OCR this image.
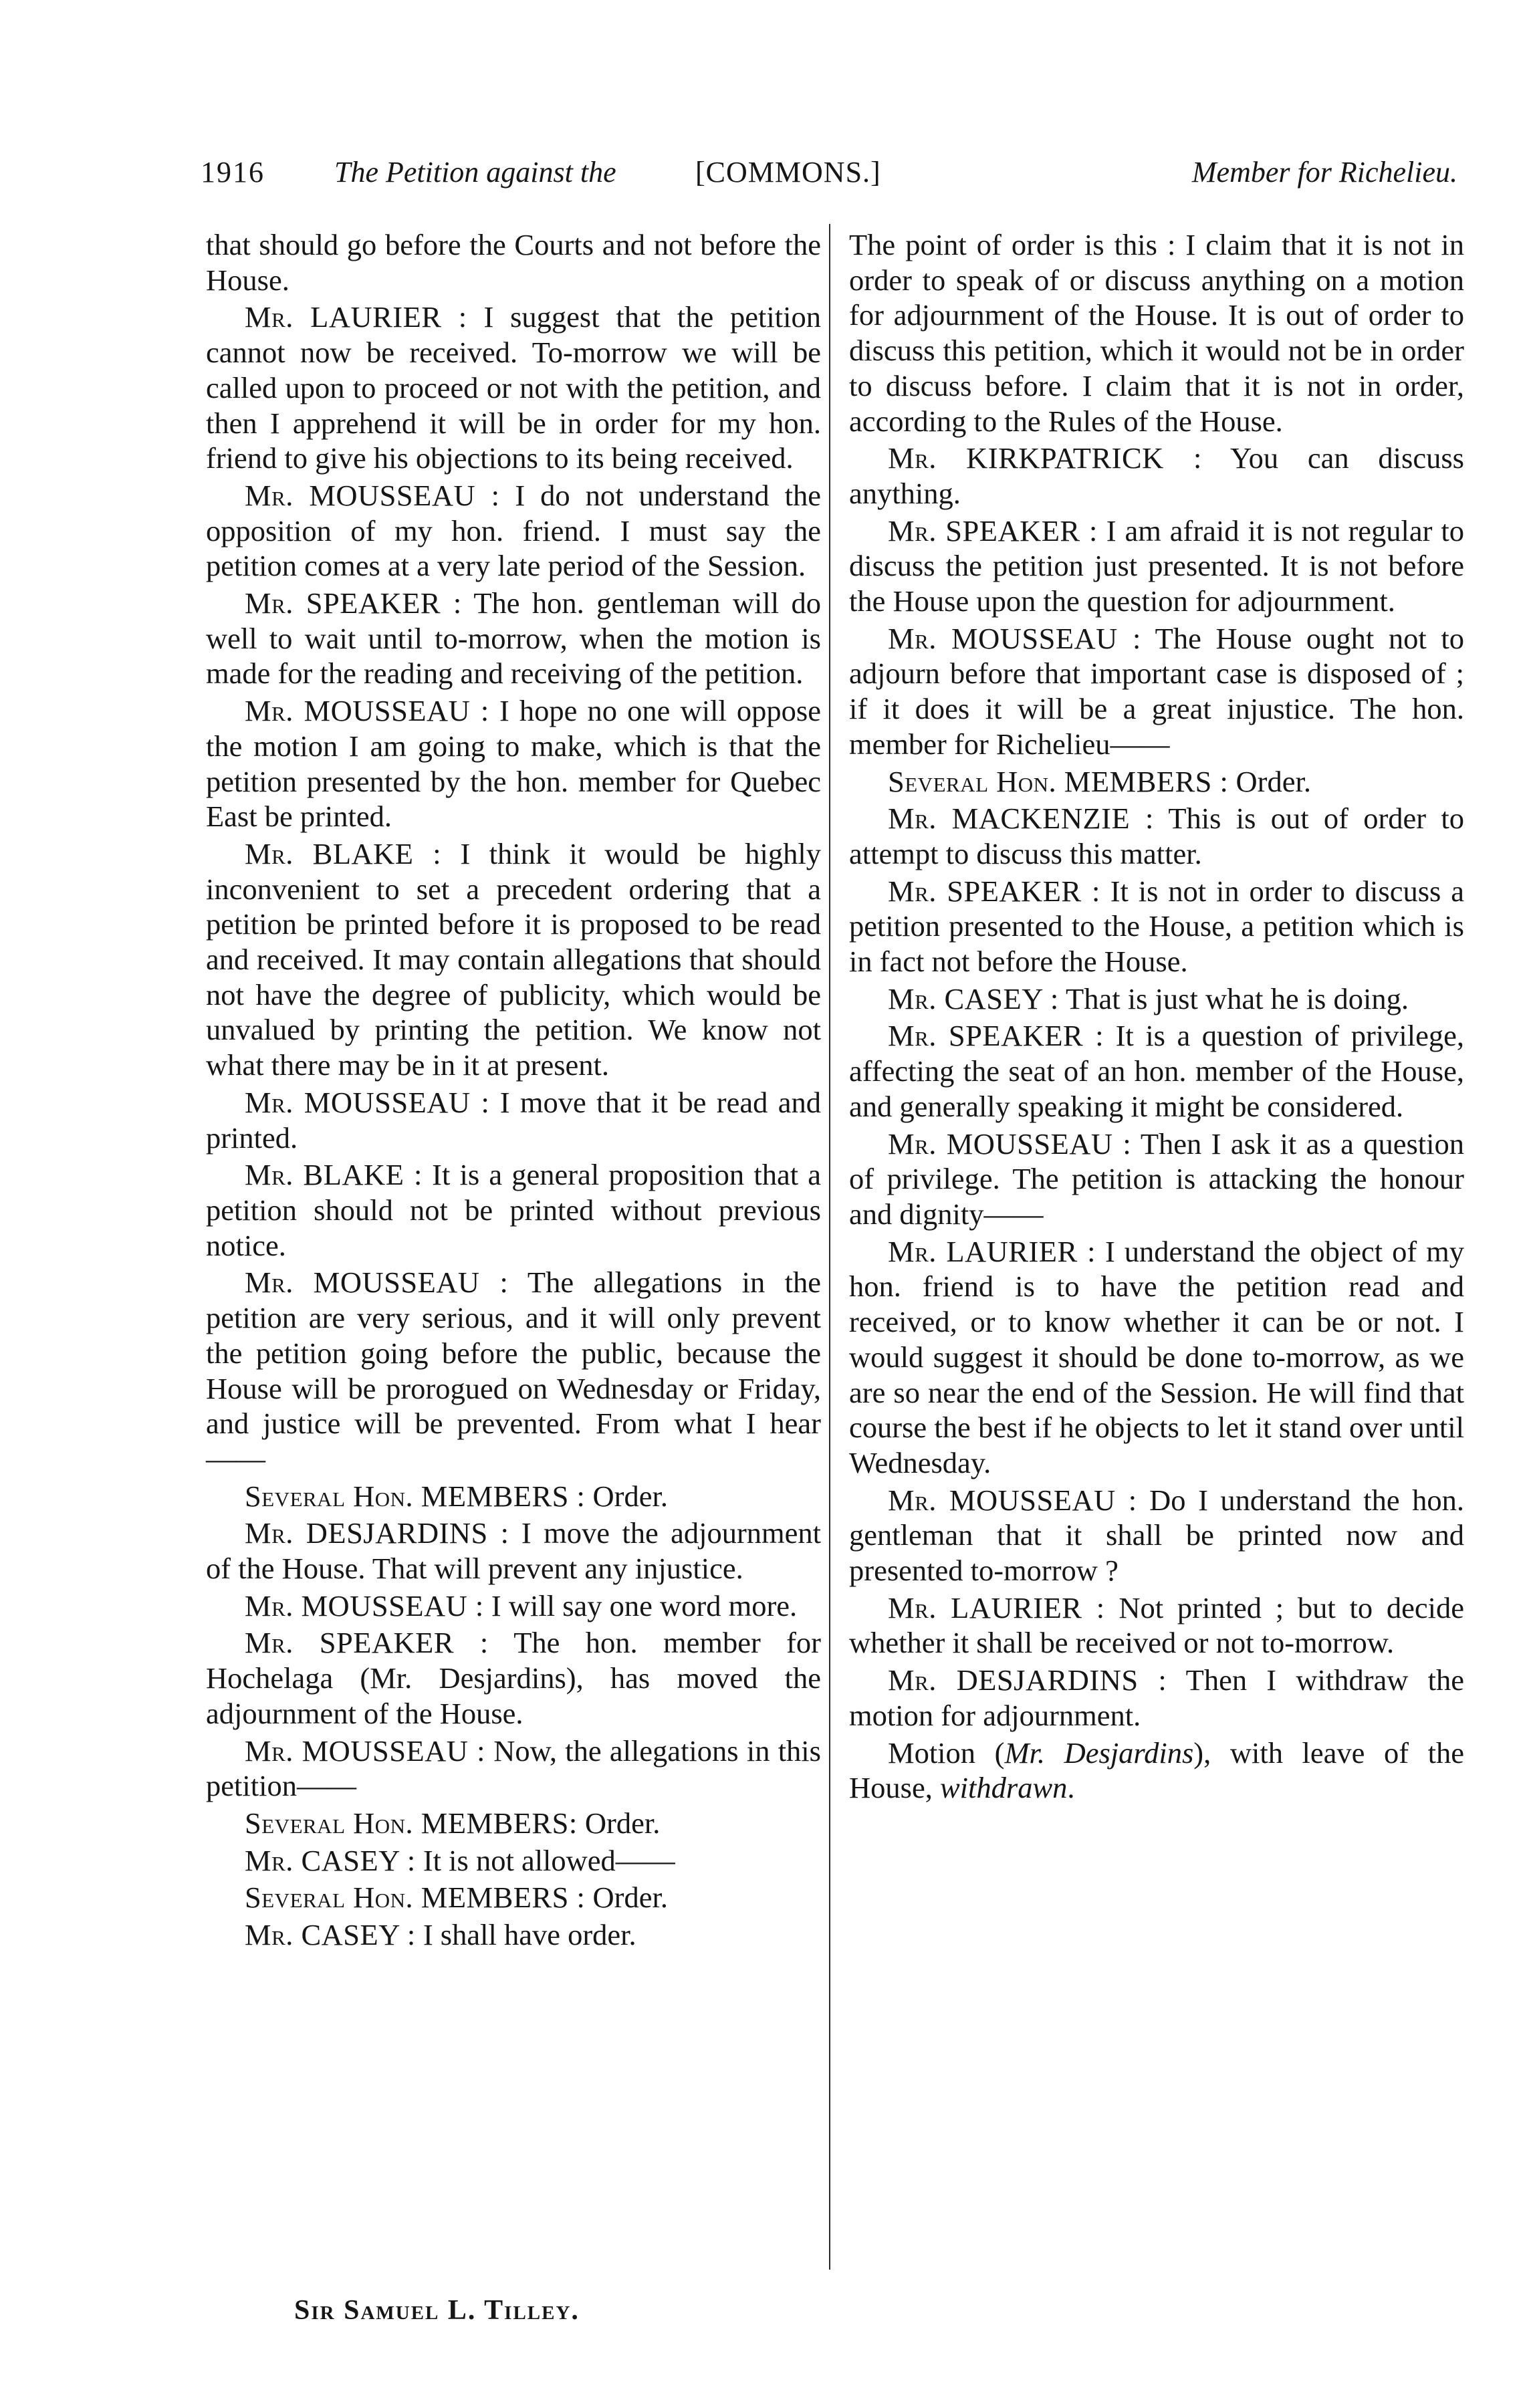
1916 The Petition against the	[COMMONS.]	Member for Richelieu.

that should go before the Courts and not before the House.

Mr. LAURIER : I suggest that the petition cannot now be received. To-morrow we will be called upon to proceed or not with the petition, and then I apprehend it will be in order for my hon. friend to give his objections to its being received.

Mr. MOUSSEAU : I do not understand the opposition of my hon. friend. I must say the petition comes at a very late period of the Session.

Mr. SPEAKER : The hon. gentleman will do well to wait until to-morrow, when the motion is made for the reading and receiving of the petition.

Mr. MOUSSEAU : I hope no one will oppose the motion I am going to make, which is that the petition presented by the hon. member for Quebec East be printed.

Mr. BLAKE : I think it would be highly inconvenient to set a precedent ordering that a petition be printed before it is proposed to be read and received. It may contain allegations that should not have the degree of publicity, which would be unvalued by printing the petition. We know not what there may be in it at present.

Mr. MOUSSEAU : I move that it be read and printed.

Mr. BLAKE : It is a general proposition that a petition should not be printed without previous notice.

Mr. MOUSSEAU : The allegations in the petition are very serious, and it will only prevent the petition going before the public, because the House will be prorogued on Wednesday or Friday, and justice will be prevented. From what I hear——

Several Hon. MEMBERS : Order.

Mr. DESJARDINS : I move the adjournment of the House. That will prevent any injustice.

Mr. MOUSSEAU : I will say one word more.

Mr. SPEAKER : The hon. member for Hochelaga (Mr. Desjardins), has moved the adjournment of the House.

Mr. MOUSSEAU : Now, the allegations in this petition——

Several Hon. MEMBERS: Order.

Mr. CASEY : It is not allowed——

Several Hon. MEMBERS : Order.

Mr. CASEY : I shall have order.

The point of order is this : I claim that it is not in order to speak of or discuss anything on a motion for adjournment of the House. It is out of order to discuss this petition, which it would not be in order to discuss before. I claim that it is not in order, according to the Rules of the House.

Mr. KIRKPATRICK : You can discuss anything.

Mr. SPEAKER : I am afraid it is not regular to discuss the petition just presented. It is not before the House upon the question for adjournment.

Mr. MOUSSEAU : The House ought not to adjourn before that important case is disposed of ; if it does it will be a great injustice. The hon. member for Richelieu——

Several Hon. MEMBERS : Order.

Mr. MACKENZIE : This is out of order to attempt to discuss this matter.

Mr. SPEAKER : It is not in order to discuss a petition presented to the House, a petition which is in fact not before the House.

Mr. CASEY : That is just what he is doing.

Mr. SPEAKER : It is a question of privilege, affecting the seat of an hon. member of the House, and generally speaking it might be considered.

Mr. MOUSSEAU : Then I ask it as a question of privilege. The petition is attacking the honour and dignity——

Mr. LAURIER : I understand the object of my hon. friend is to have the petition read and received, or to know whether it can be or not. I would suggest it should be done to-morrow, as we are so near the end of the Session. He will find that course the best if he objects to let it stand over until Wednesday.

Mr. MOUSSEAU : Do I understand the hon. gentleman that it shall be printed now and presented to-morrow ?

Mr. LAURIER : Not printed ; but to decide whether it shall be received or not to-morrow.

Mr. DESJARDINS : Then I withdraw the motion for adjournment.

Motion (Mr. Desjardins), with leave of the House, withdrawn.

Sir Samuel L. Tilley.
